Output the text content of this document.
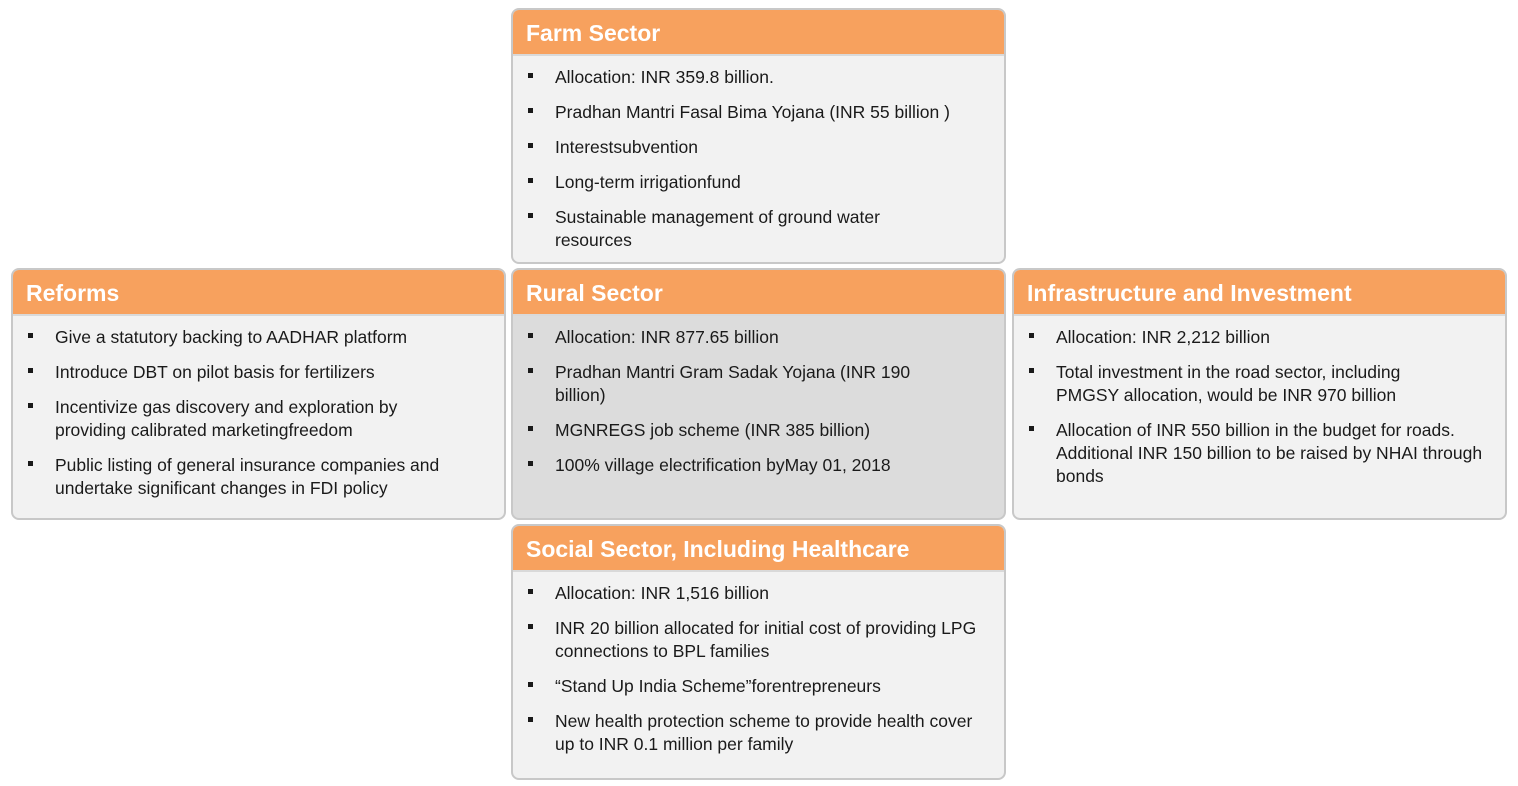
Farm Sector
Allocation: INR 359.8 billion.
Pradhan Mantri Fasal Bima Yojana (INR 55 billion )
Interestsubvention
Long-term irrigationfund
Sustainable management of ground water resources
Reforms
Give a statutory backing to AADHAR platform
Introduce DBT on pilot basis for fertilizers
Incentivize gas discovery and exploration by providing calibrated marketingfreedom
Public listing of general insurance companies and undertake significant changes in FDI policy
Rural Sector
Allocation: INR 877.65 billion
Pradhan Mantri Gram Sadak Yojana (INR 190 billion)
MGNREGS job scheme (INR 385 billion)
100% village electrification byMay 01, 2018
Infrastructure and Investment
Allocation: INR 2,212 billion
Total investment in the road sector, including PMGSY allocation, would be INR 970 billion
Allocation of INR 550 billion in the budget for roads. Additional INR 150 billion to be raised by NHAI through bonds
Social Sector, Including Healthcare
Allocation: INR 1,516 billion
INR 20 billion allocated for initial cost of providing LPG connections to BPL families
“Stand Up India Scheme”forentrepreneurs
New health protection scheme to provide health cover up to INR 0.1 million per family
